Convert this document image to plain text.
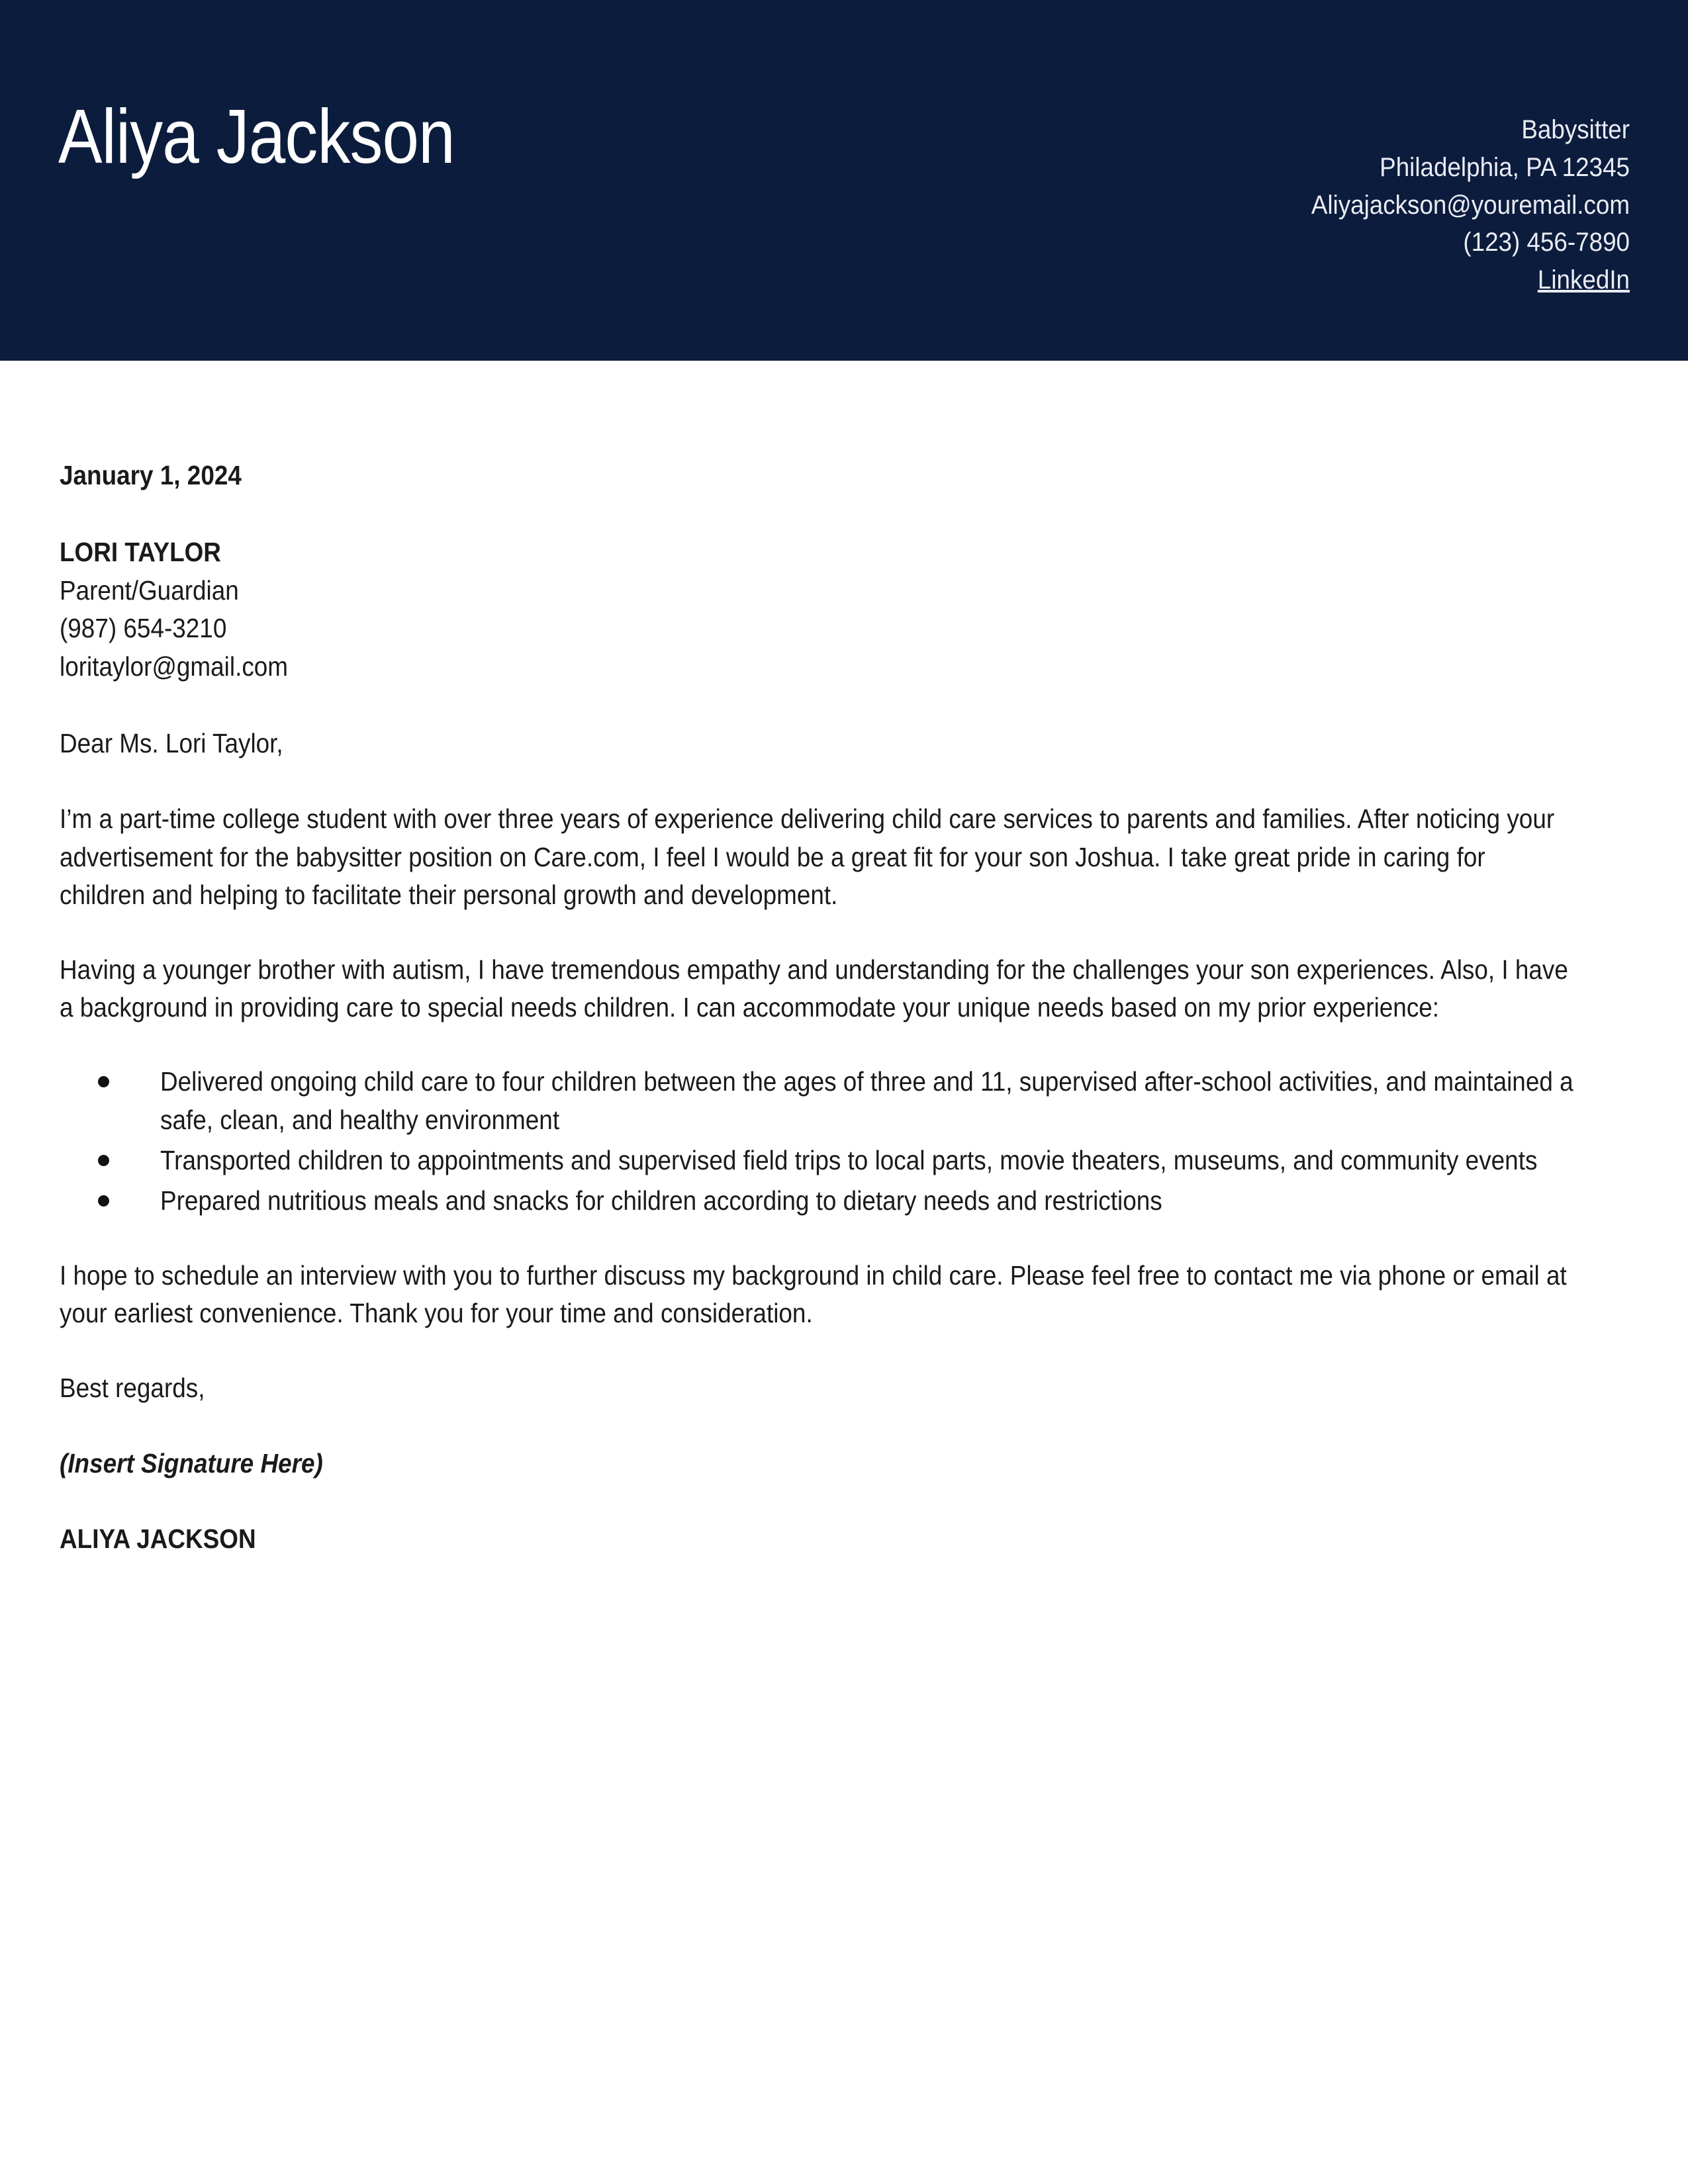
Aliya Jackson	Babysitter
Philadelphia, PA 12345
Aliyajackson@youremail.com
(123) 456-7890
LinkedIn
January 1, 2024
LORI TAYLOR
Parent/Guardian
(987) 654-3210
loritaylor@gmail.com
Dear Ms. Lori Taylor,
I’m a part-time college student with over three years of experience delivering child care services to parents and families. After noticing your advertisement for the babysitter position on Care.com, I feel I would be a great fit for your son Joshua. I take great pride in caring for children and helping to facilitate their personal growth and development.
Having a younger brother with autism, I have tremendous empathy and understanding for the challenges your son experiences. Also, I have a background in providing care to special needs children. I can accommodate your unique needs based on my prior experience:
Delivered ongoing child care to four children between the ages of three and 11, supervised after-school activities, and maintained a safe, clean, and healthy environment
Transported children to appointments and supervised field trips to local parts, movie theaters, museums, and community events
Prepared nutritious meals and snacks for children according to dietary needs and restrictions
I hope to schedule an interview with you to further discuss my background in child care. Please feel free to contact me via phone or email at your earliest convenience. Thank you for your time and consideration.
Best regards,
(Insert Signature Here)
ALIYA JACKSON
